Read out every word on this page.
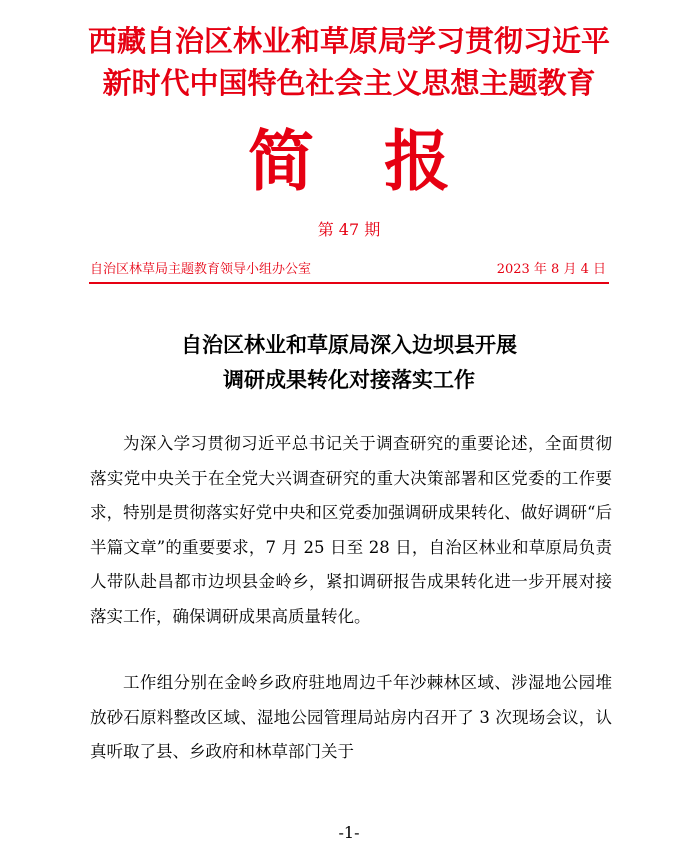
西藏自治区林业和草原局学习贯彻习近平
新时代中国特色社会主义思想主题教育
简报
第 47 期
自治区林草局主题教育领导小组办公室	2023 年 8 月 4 日
自治区林业和草原局深入边坝县开展
调研成果转化对接落实工作

为深入学习贯彻习近平总书记关于调查研究的重要论述，全面贯彻落实党中央关于在全党大兴调查研究的重大决策部署和区党委的工作要求，特别是贯彻落实好党中央和区党委加强调研成果转化、做好调研“后半篇文章”的重要要求，7 月 25 日至 28 日，自治区林业和草原局负责人带队赴昌都市边坝县金岭乡，紧扣调研报告成果转化进一步开展对接落实工作，确保调研成果高质量转化。

工作组分别在金岭乡政府驻地周边千年沙棘林区域、涉湿地公园堆放砂石原料整改区域、湿地公园管理局站房内召开了 3 次现场会议，认真听取了县、乡政府和林草部门关于

-1-
